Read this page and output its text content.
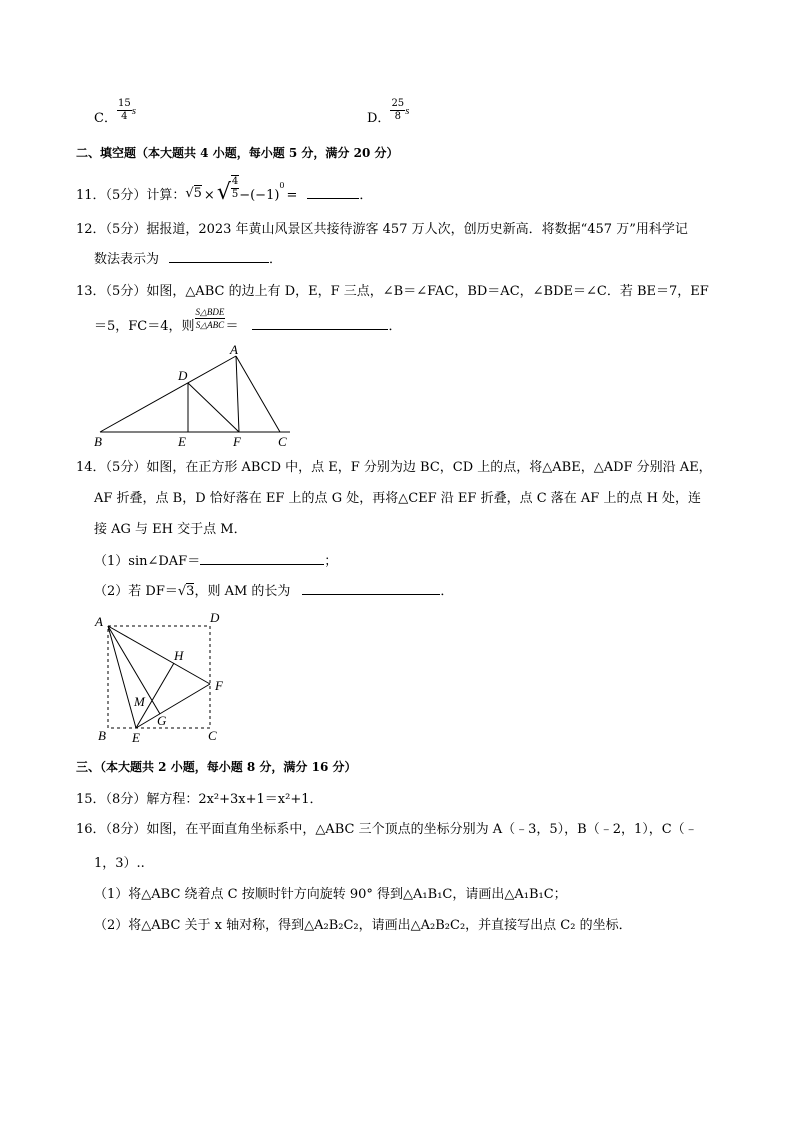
C． $\frac{15}{4}$ s	D． $\frac{25}{8}$ s
二、填空题（本大题共 4 小题，每小题 5 分，满分 20 分）
11．（5分）计算：√5 ×√ $\frac{4}{5} -(-1)^0=$	．
12．（5分）据报道，2023 年黄山风景区共接待游客 457 万人次，创历史新高．将数据“457 万”用科学记
数法表示为	．
13．（5分）如图，△ABC 的边上有 D，E，F 三点，∠B＝∠FAC，BD＝AC，∠BDE＝∠C．若 BE＝7，EF
＝5，FC＝4，则 $\frac{\text{S△BDE}}{\text{S△ABC}}$ ＝	．
A
D
B	E	F	C
14．（5分）如图，在正方形 ABCD 中，点 E，F 分别为边 BC，CD 上的点，将△ABE，△ADF 分别沿 AE，
AF 折叠，点 B，D 恰好落在 EF 上的点 G 处，再将△CEF 沿 EF 折叠，点 C 落在 AF 上的点 H 处，连
接 AG 与 EH 交于点 M．
（1）sin∠DAF＝	；
（2）若 DF＝√3，则 AM 的长为	．
A	D
H
F
M
G
B E	C
三、（本大题共 2 小题，每小题 8 分，满分 16 分）
15．（8分）解方程：2x²+3x+1＝x²+1．
16．（8分）如图，在平面直角坐标系中，△ABC 三个顶点的坐标分别为 A（﹣3，5），B（﹣2，1），C（﹣
1，3）..
（1）将△ABC 绕着点 C 按顺时针方向旋转 90° 得到△A₁B₁C，请画出△A₁B₁C；
（2）将△ABC 关于 x 轴对称，得到△A₂B₂C₂，请画出△A₂B₂C₂，并直接写出点 C₂ 的坐标．
